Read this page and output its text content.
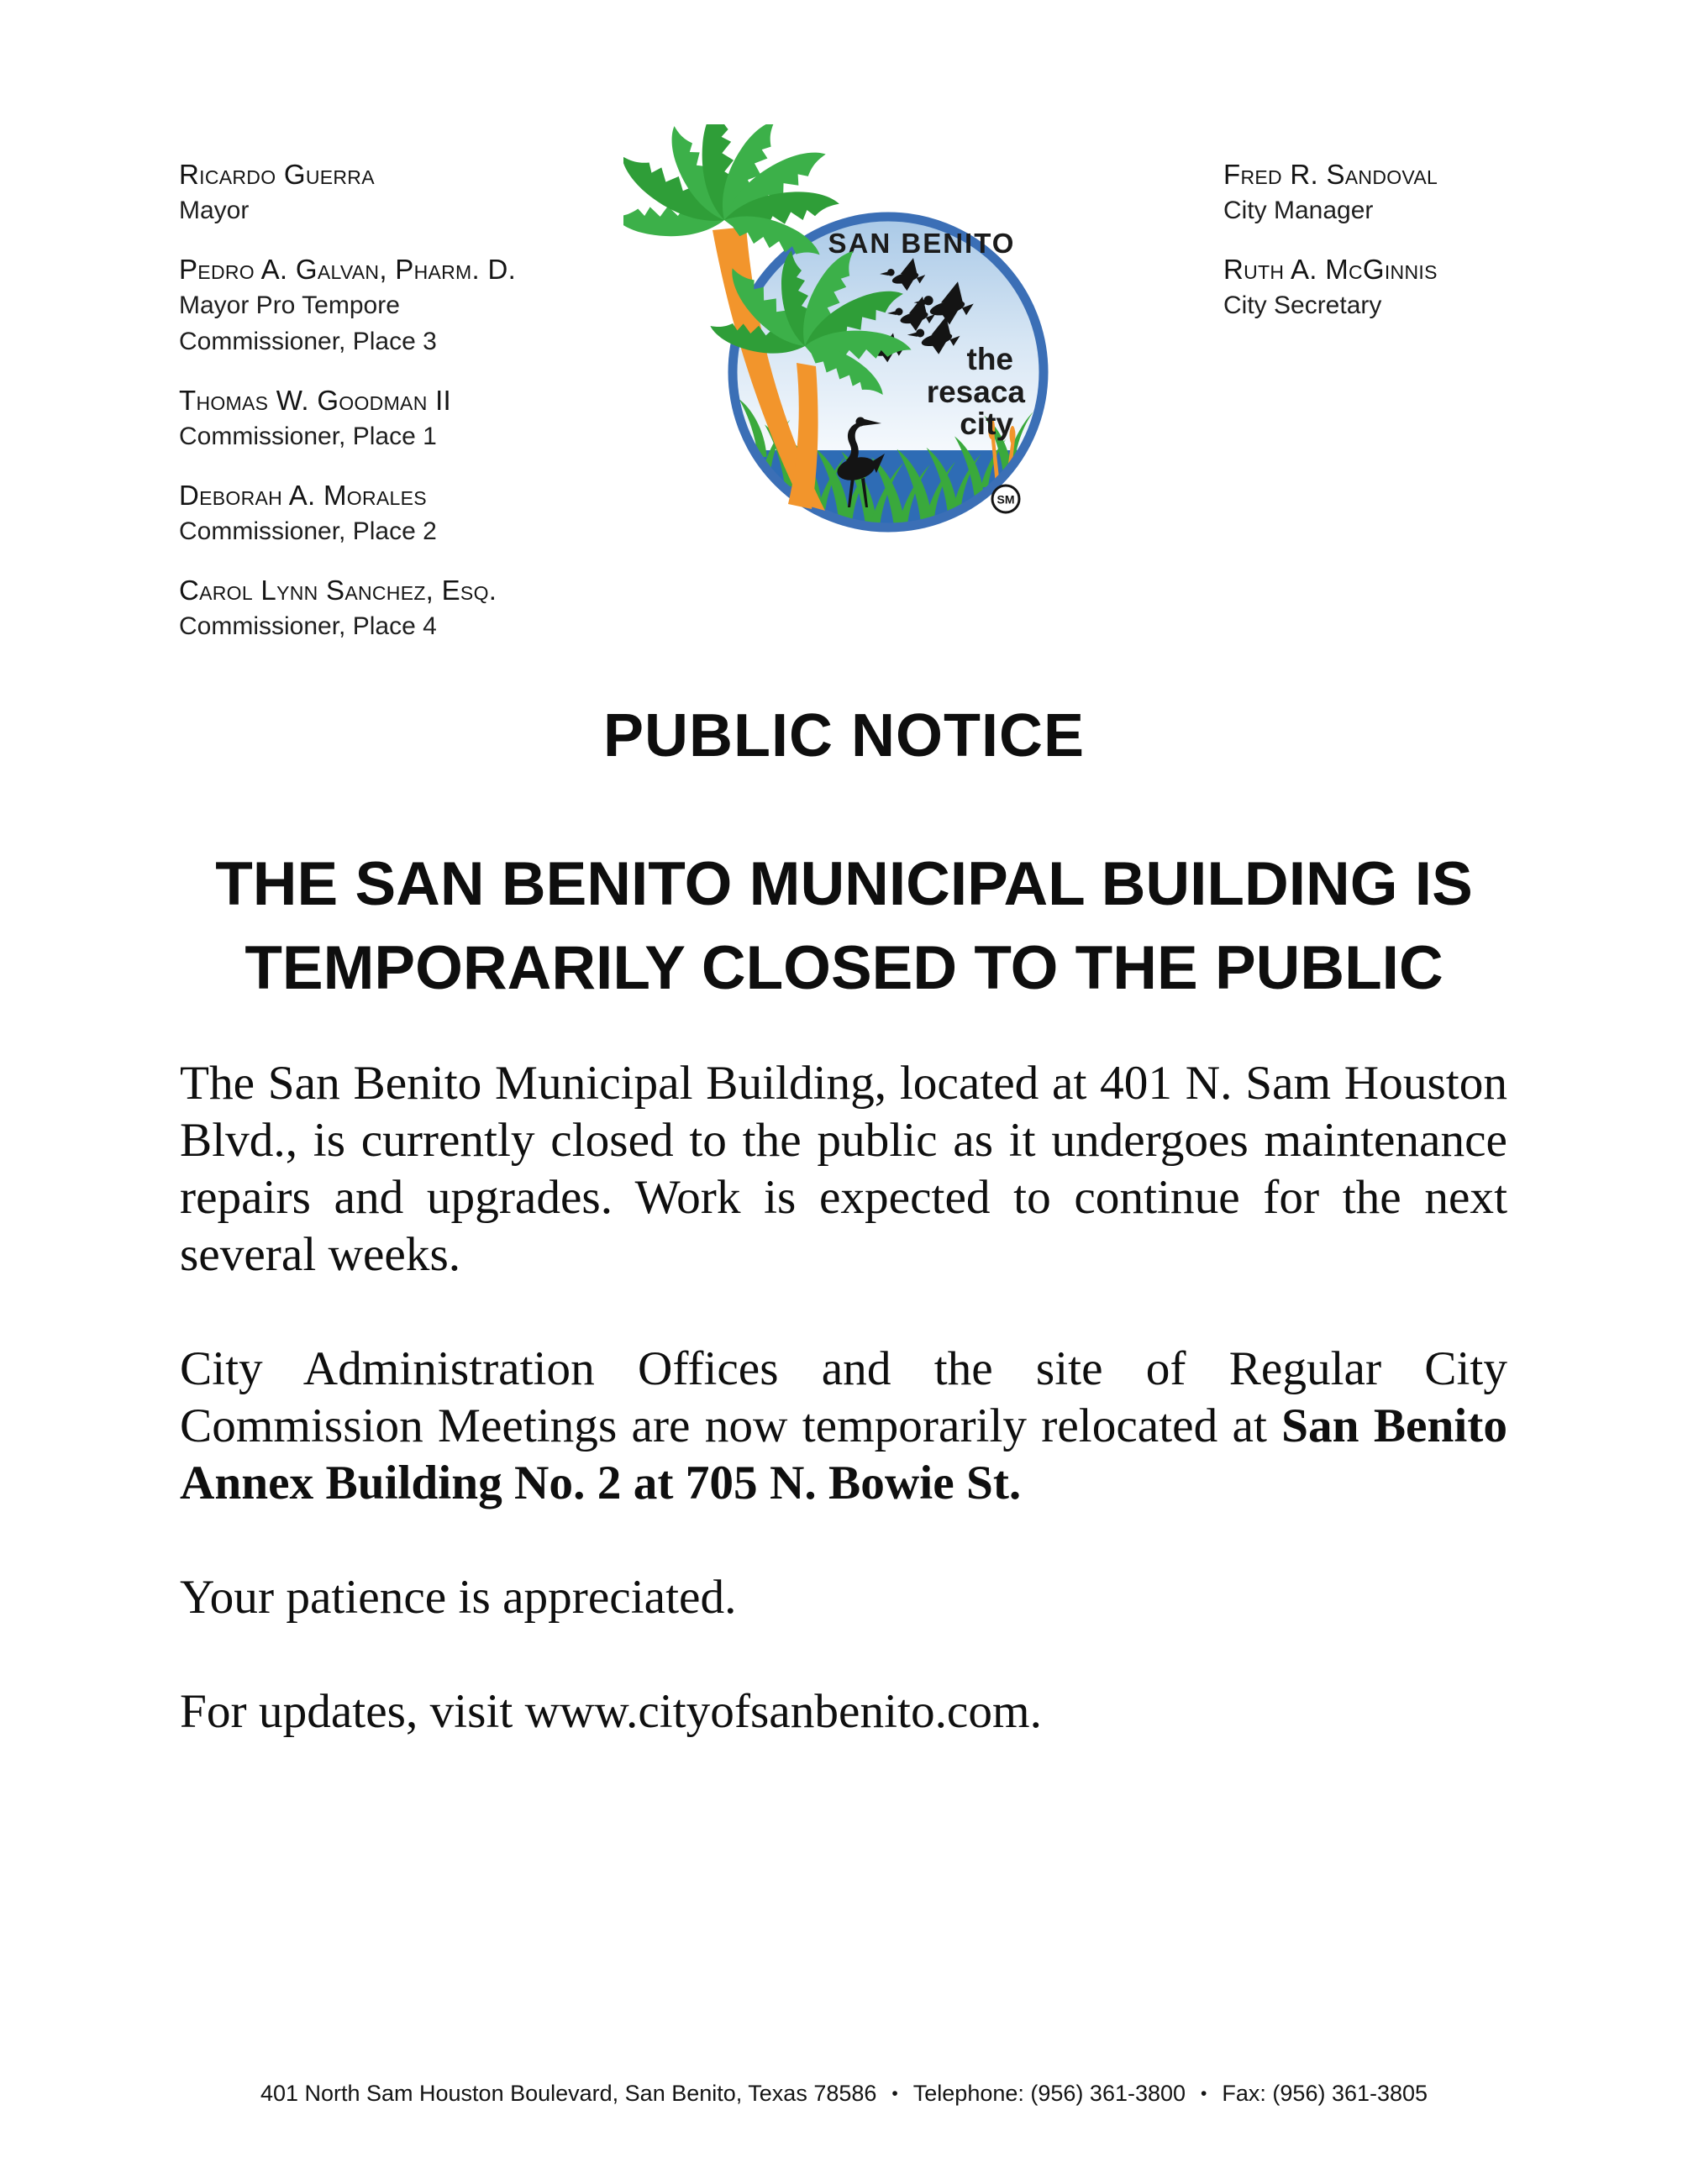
Ricardo Guerra
Mayor
Pedro A. Galvan, Pharm. D.
Mayor Pro Tempore
Commissioner, Place 3
Thomas W. Goodman II
Commissioner, Place 1
Deborah A. Morales
Commissioner, Place 2
Carol Lynn Sanchez, Esq.
Commissioner, Place 4
Fred R. Sandoval
City Manager
Ruth A. McGinnis
City Secretary
SAN BENITO
the
resaca
city
SM
PUBLIC NOTICE
THE SAN BENITO MUNICIPAL BUILDING IS
TEMPORARILY CLOSED TO THE PUBLIC

The San Benito Municipal Building, located at 401 N. Sam Houston Blvd., is currently closed to the public as it undergoes maintenance repairs and upgrades. Work is expected to continue for the next several weeks.

City Administration Offices and the site of Regular City Commission Meetings are now temporarily relocated at San Benito Annex Building No. 2 at 705 N. Bowie St.

Your patience is appreciated.

For updates, visit www.cityofsanbenito.com.

401 North Sam Houston Boulevard, San Benito, Texas 78586 • Telephone: (956) 361-3800 • Fax: (956) 361-3805
